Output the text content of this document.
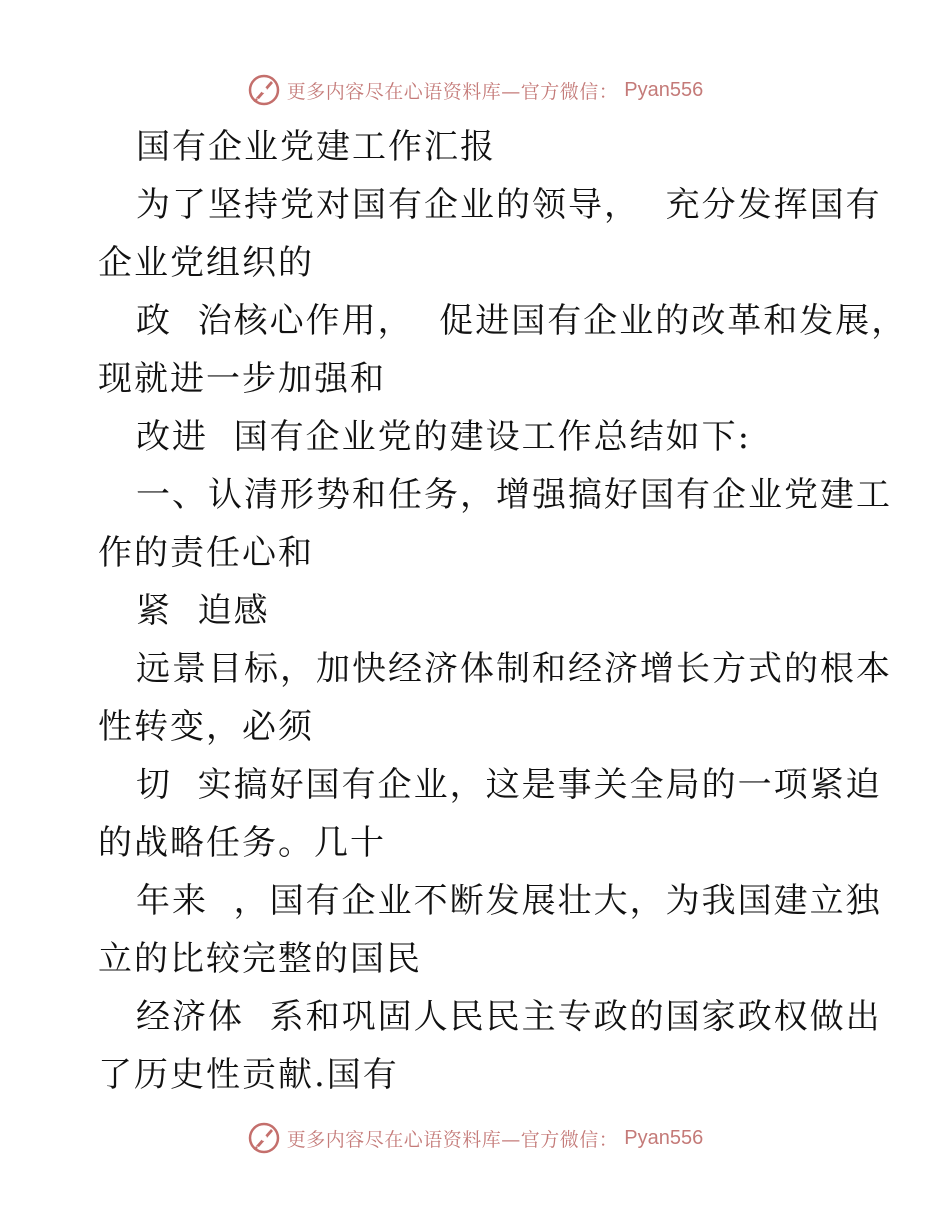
更多内容尽在心语资料库—官方微信： Pyan556
国有企业党建工作汇报
为了坚持党对国有企业的领导，  充分发挥国有
企业党组织的
政  治核心作用，  促进国有企业的改革和发展，
现就进一步加强和
改进  国有企业党的建设工作总结如下:
一、认清形势和任务，增强搞好国有企业党建工
作的责任心和
紧  迫感
远景目标，加快经济体制和经济增长方式的根本
性转变，必须
切  实搞好国有企业，这是事关全局的一项紧迫
的战略任务。几十
年来  ，国有企业不断发展壮大，为我国建立独
立的比较完整的国民
经济体  系和巩固人民民主专政的国家政权做出
了历史性贡献.国有
更多内容尽在心语资料库—官方微信： Pyan556
